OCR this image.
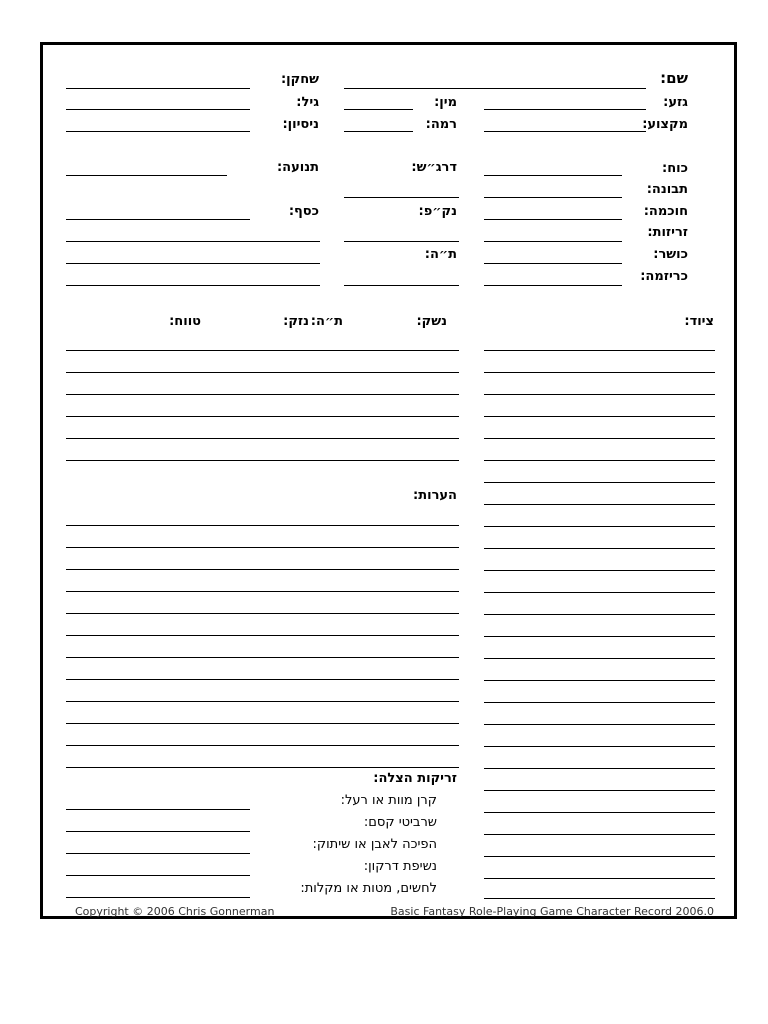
שם:
שחקן:
גזע:
מין:
גיל:
מקצוע:
רמה:
ניסיון:
כוח:
תבונה:
חוכמה:
זריזות:
כושר:
כריזמה:
דרג״ש:
נק״פ:
ת״ה:
תנועה:
כסף:
ציוד:
נשק:
ת״ה:
נזק:
טווח:
הערות:
זריקות הצלה:
קרן מוות או רעל:
שרביטי קסם:
הפיכה לאבן או שיתוק:
נשיפת דרקון:
לחשים, מטות או מקלות:
Copyright © 2006 Chris Gonnerman	Basic Fantasy Role-Playing Game Character Record 2006.0
